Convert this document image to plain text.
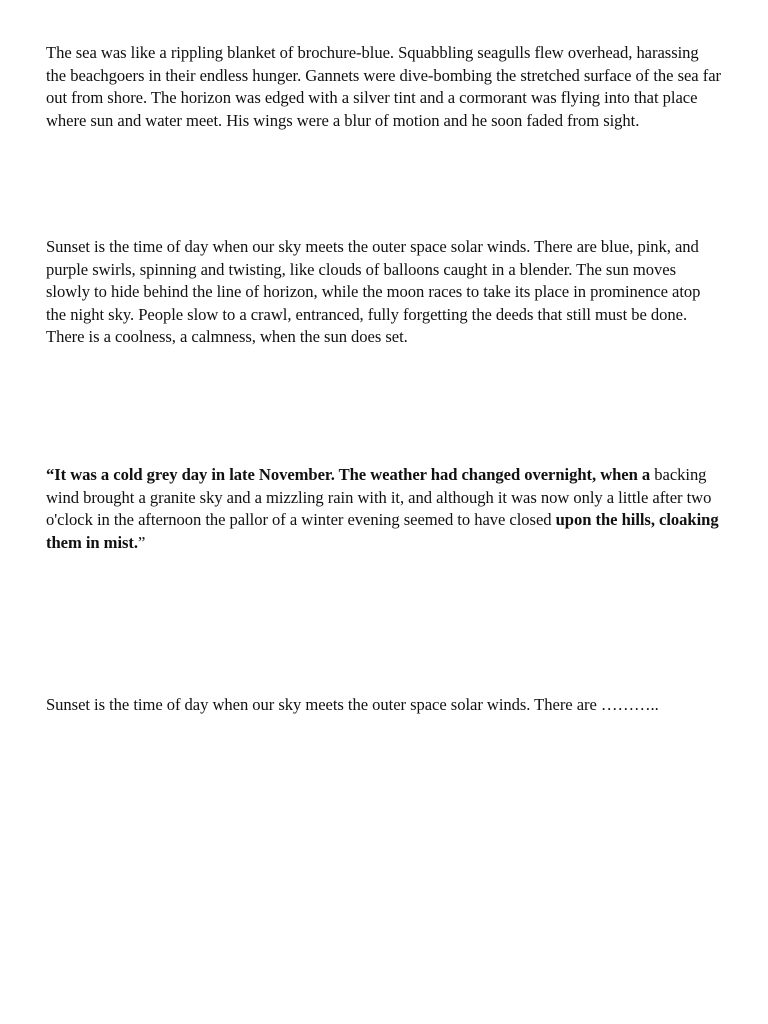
The sea was like a rippling blanket of brochure-blue. Squabbling seagulls flew overhead, harassing the beachgoers in their endless hunger. Gannets were dive-bombing the stretched surface of the sea far out from shore. The horizon was edged with a silver tint and a cormorant was flying into that place where sun and water meet. His wings were a blur of motion and he soon faded from sight.

Sunset is the time of day when our sky meets the outer space solar winds. There are blue, pink, and purple swirls, spinning and twisting, like clouds of balloons caught in a blender. The sun moves slowly to hide behind the line of horizon, while the moon races to take its place in prominence atop the night sky. People slow to a crawl, entranced, fully forgetting the deeds that still must be done. There is a coolness, a calmness, when the sun does set.

“It was a cold grey day in late November. The weather had changed overnight, when a backing wind brought a granite sky and a mizzling rain with it, and although it was now only a little after two o'clock in the afternoon the pallor of a winter evening seemed to have closed upon the hills, cloaking them in mist.”

Sunset is the time of day when our sky meets the outer space solar winds. There are ………..
